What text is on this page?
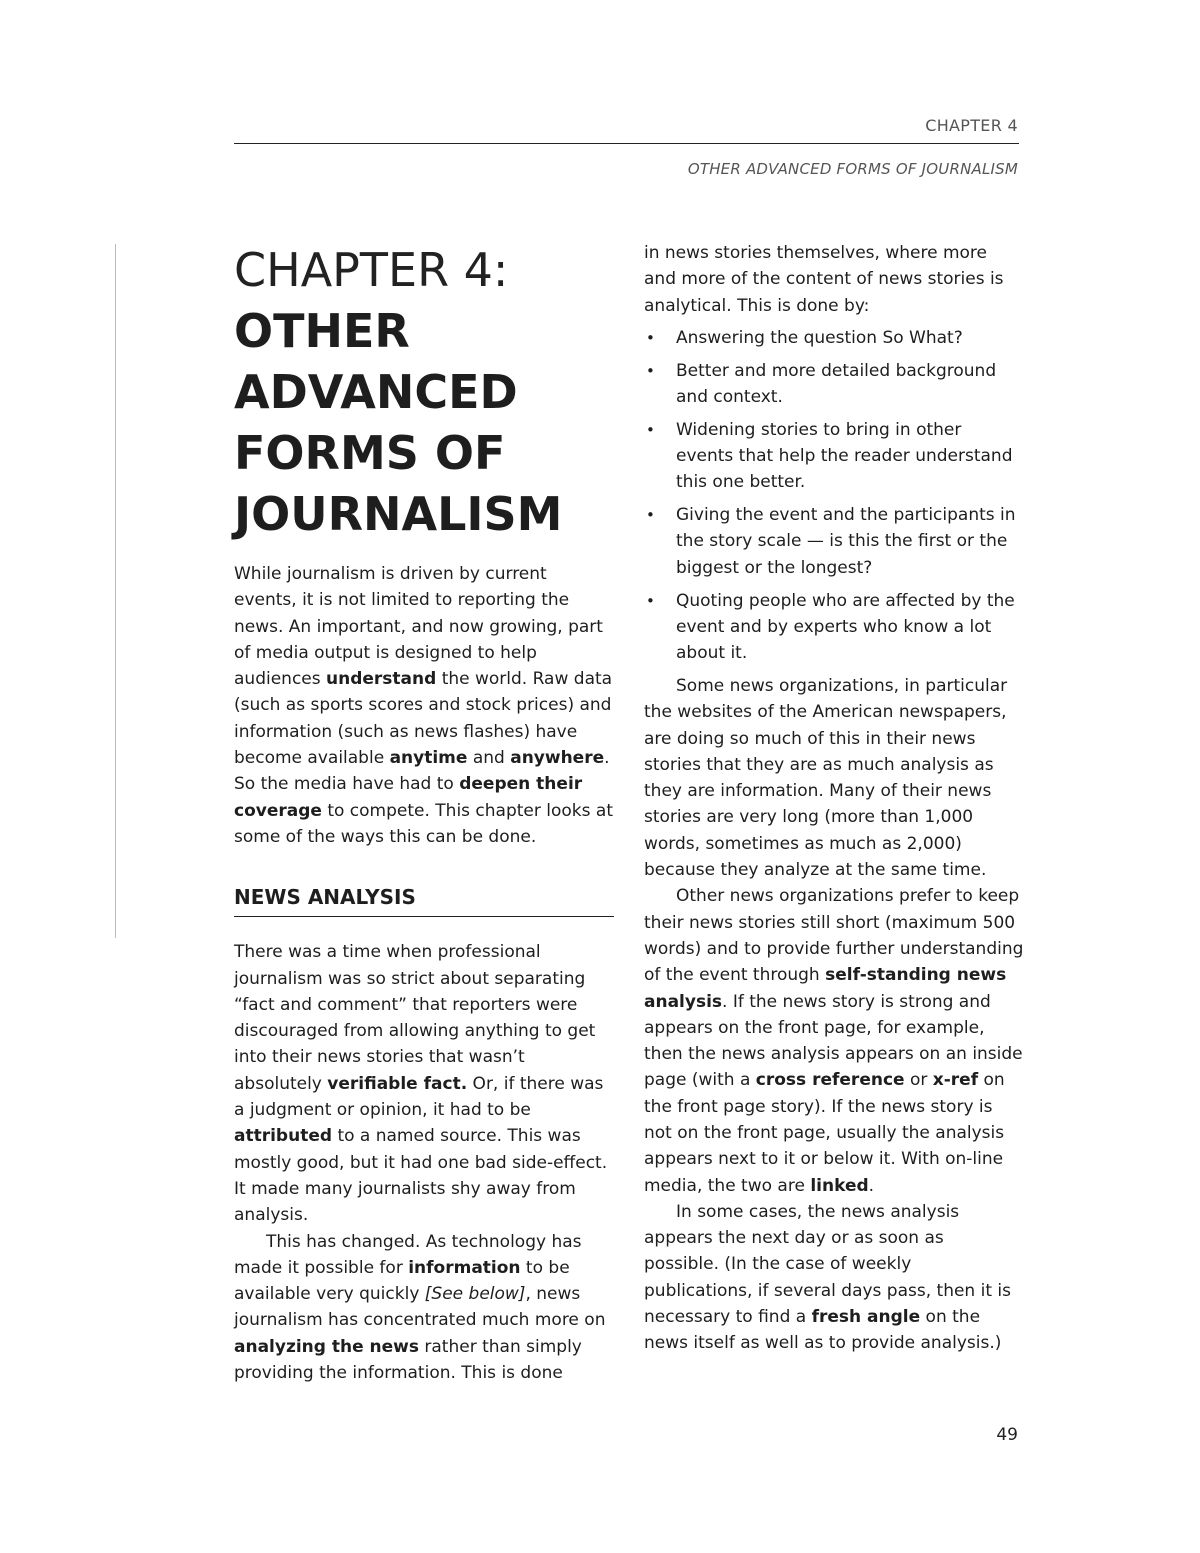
CHAPTER 4
OTHER ADVANCED FORMS OF JOURNALISM
CHAPTER 4:
OTHER
ADVANCED
FORMS OF
JOURNALISM

While journalism is driven by current events, it is not limited to reporting the news. An important, and now growing, part of media output is designed to help audiences understand the world. Raw data (such as sports scores and stock prices) and information (such as news flashes) have become available anytime and anywhere. So the media have had to deepen their coverage to compete. This chapter looks at some of the ways this can be done.

NEWS ANALYSIS

There was a time when professional journalism was so strict about separating “fact and comment” that reporters were discouraged from allowing anything to get into their news stories that wasn’t absolutely verifiable fact. Or, if there was a judgment or opinion, it had to be attributed to a named source. This was mostly good, but it had one bad side-effect. It made many journalists shy away from analysis.

This has changed. As technology has made it possible for information to be available very quickly [See below], news journalism has concentrated much more on analyzing the news rather than simply providing the information. This is done

in news stories themselves, where more and more of the content of news stories is analytical. This is done by:

• Answering the question So What?
• Better and more detailed background and context.
• Widening stories to bring in other events that help the reader understand this one better.
• Giving the event and the participants in the story scale — is this the first or the biggest or the longest?
• Quoting people who are affected by the event and by experts who know a lot about it.

Some news organizations, in particular the websites of the American newspapers, are doing so much of this in their news stories that they are as much analysis as they are information. Many of their news stories are very long (more than 1,000 words, sometimes as much as 2,000) because they analyze at the same time.

Other news organizations prefer to keep their news stories still short (maximum 500 words) and to provide further understanding of the event through self-standing news analysis. If the news story is strong and appears on the front page, for example, then the news analysis appears on an inside page (with a cross reference or x-ref on the front page story). If the news story is not on the front page, usually the analysis appears next to it or below it. With on-line media, the two are linked.

In some cases, the news analysis appears the next day or as soon as possible. (In the case of weekly publications, if several days pass, then it is necessary to find a fresh angle on the news itself as well as to provide analysis.)

49
